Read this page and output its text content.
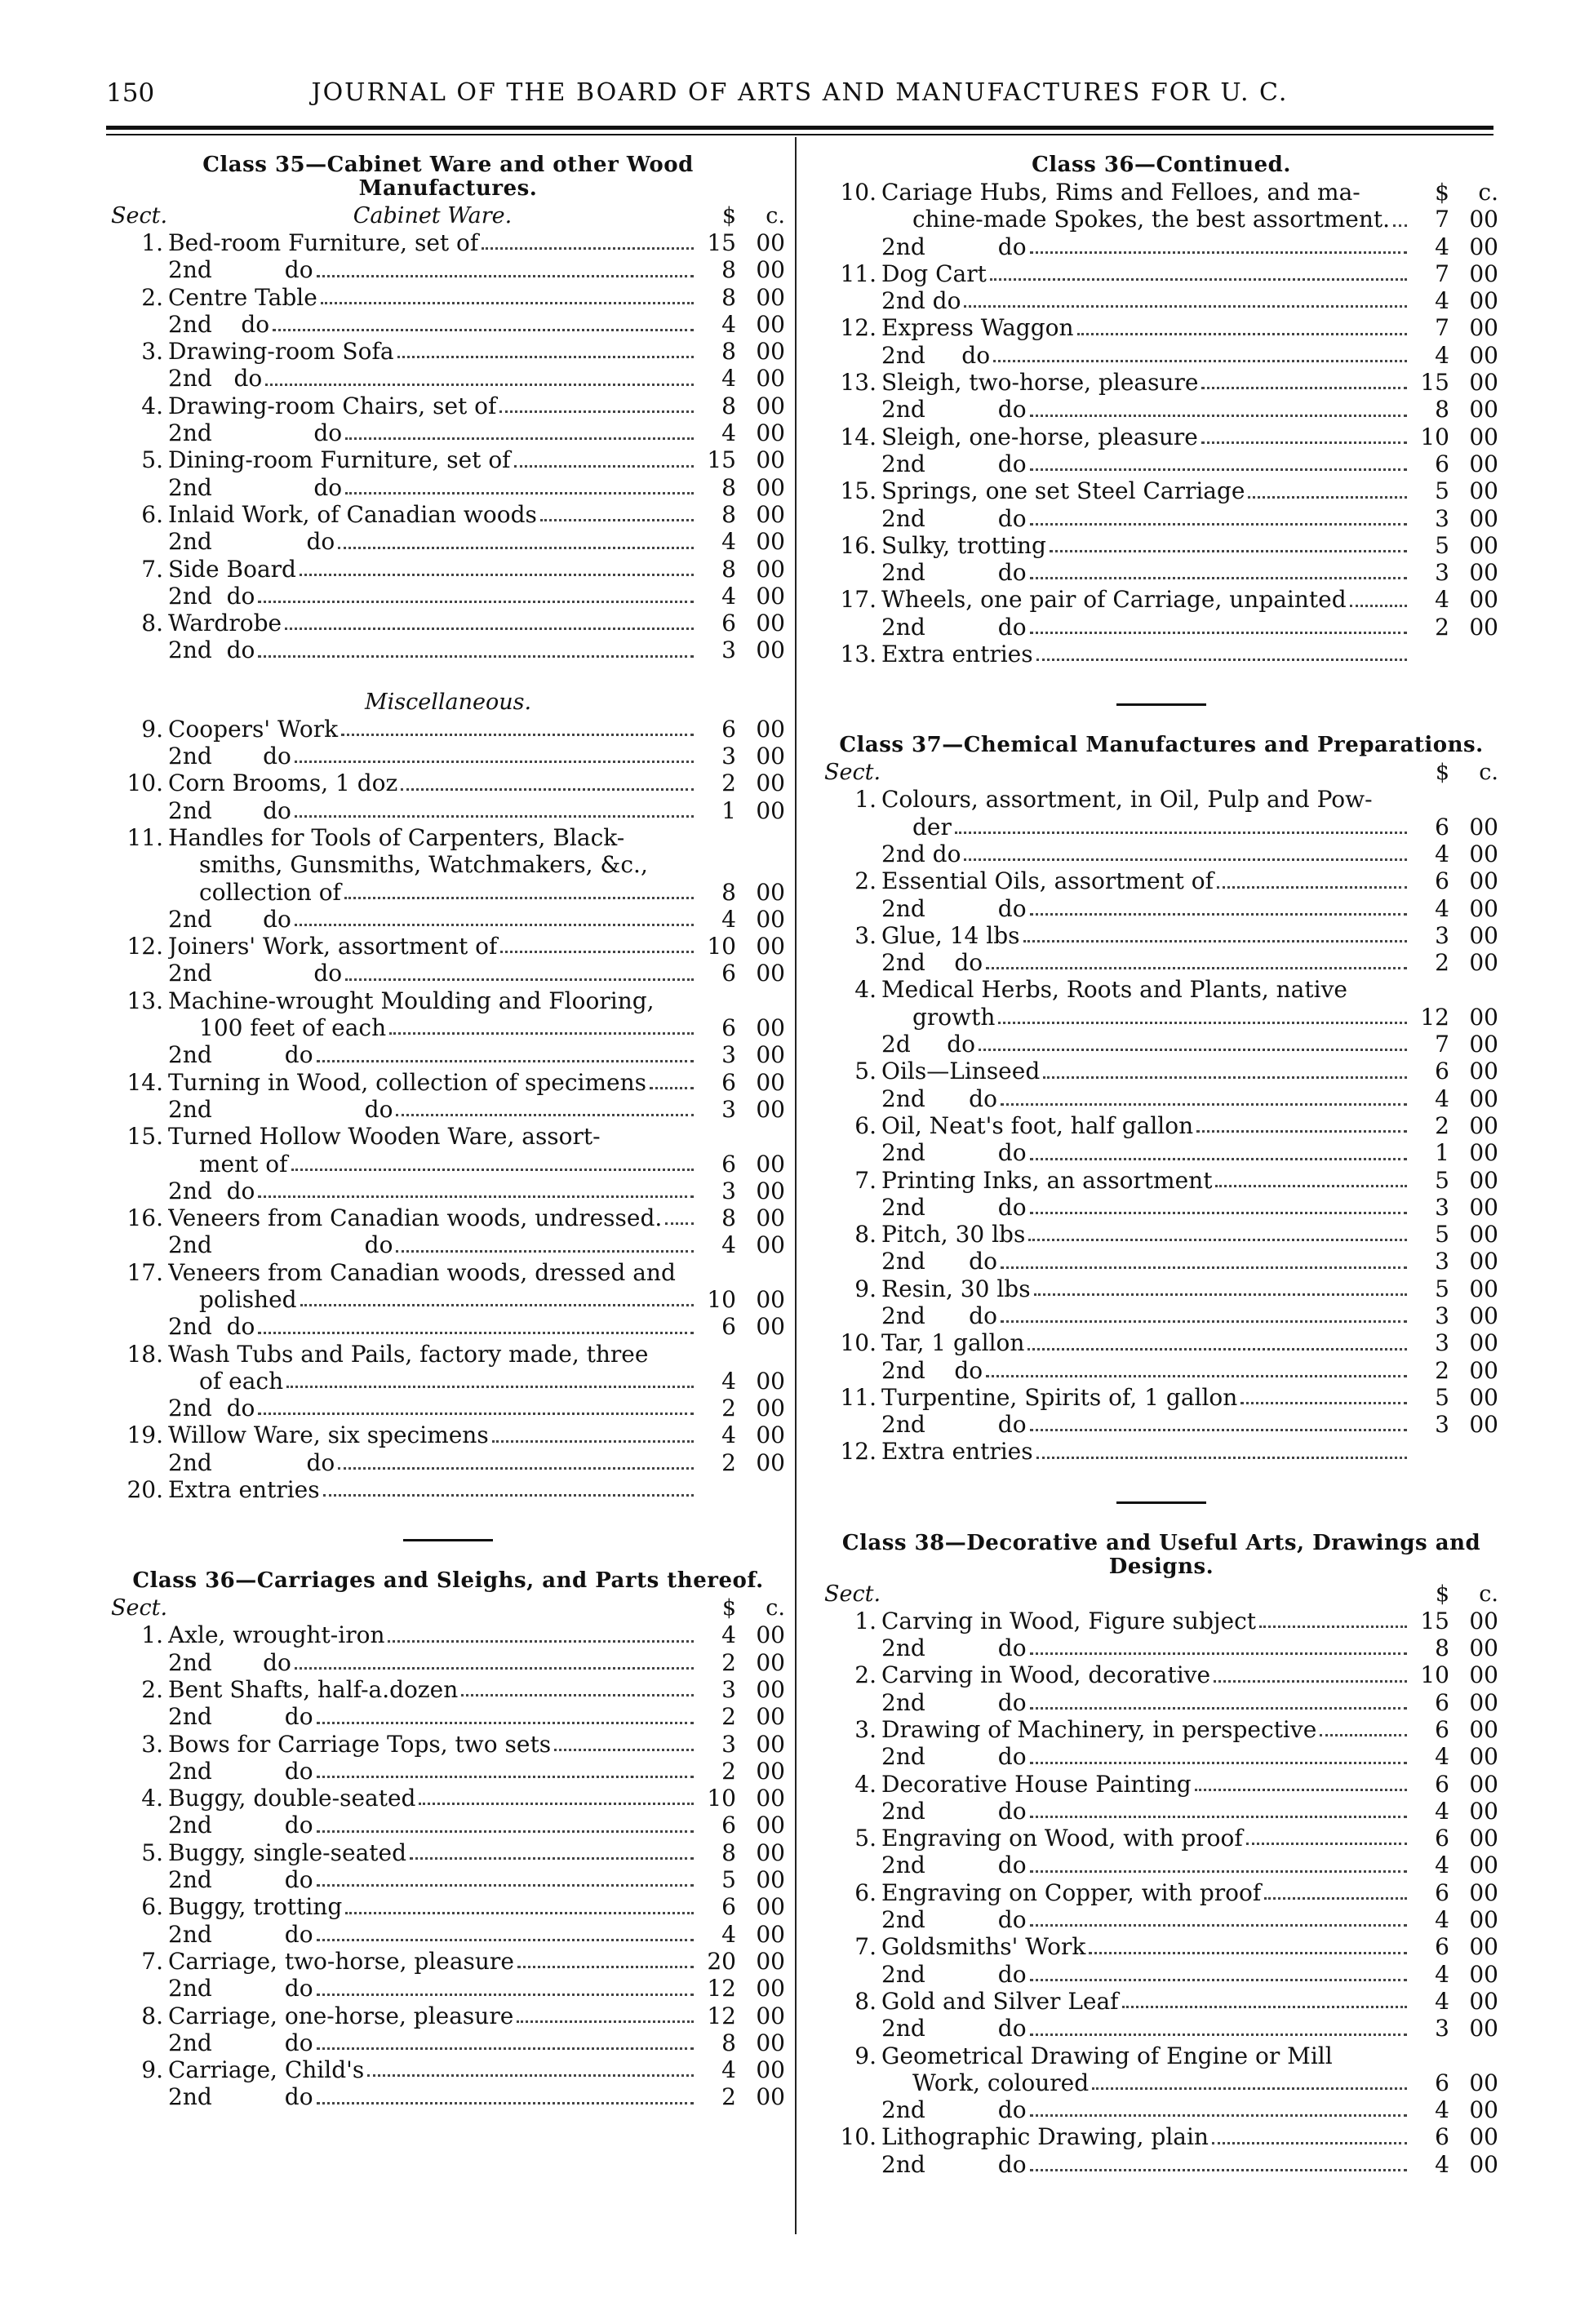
150	JOURNAL OF THE BOARD OF ARTS AND MANUFACTURES FOR U. C.
Class 35—Cabinet Ware and other Wood Manufactures.
Sect.	Cabinet Ware.	$	c.
1. Bed-room Furniture, set of	15 00
2nd          do	8 00
2. Centre Table	8 00
2nd    do	4 00
3. Drawing-room Sofa	8 00
2nd   do	4 00
4. Drawing-room Chairs, set of	8 00
2nd              do	4 00
5. Dining-room Furniture, set of	15 00
2nd              do	8 00
6. Inlaid Work, of Canadian woods	8 00
2nd             do	4 00
7. Side Board	8 00
2nd  do	4 00
8. Wardrobe	6 00
2nd  do	3 00
Miscellaneous.
9. Coopers' Work	6 00
2nd       do	3 00
10. Corn Brooms, 1 doz	2 00
2nd       do	1 00
11. Handles for Tools of Carpenters, Black-
smiths, Gunsmiths, Watchmakers, &c.,
collection of	8 00
2nd       do	4 00
12. Joiners' Work, assortment of	10 00
2nd              do	6 00
13. Machine-wrought Moulding and Flooring,
100 feet of each	6 00
2nd          do	3 00
14. Turning in Wood, collection of specimens	6 00
2nd                     do	3 00
15. Turned Hollow Wooden Ware, assort-
ment of	6 00
2nd  do	3 00
16. Veneers from Canadian woods, undressed.	8 00
2nd                     do	4 00
17. Veneers from Canadian woods, dressed and
polished	10 00
2nd  do	6 00
18. Wash Tubs and Pails, factory made, three
of each	4 00
2nd  do	2 00
19. Willow Ware, six specimens	4 00
2nd             do	2 00
20. Extra entries
Class 36—Carriages and Sleighs, and Parts thereof.
Sect.	$	c.
1. Axle, wrought-iron	4 00
2nd       do	2 00
2. Bent Shafts, half-a.dozen	3 00
2nd          do	2 00
3. Bows for Carriage Tops, two sets	3 00
2nd          do	2 00
4. Buggy, double-seated	10 00
2nd          do	6 00
5. Buggy, single-seated	8 00
2nd          do	5 00
6. Buggy, trotting	6 00
2nd          do	4 00
7. Carriage, two-horse, pleasure	20 00
2nd          do	12 00
8. Carriage, one-horse, pleasure	12 00
2nd          do	8 00
9. Carriage, Child's	4 00
2nd          do	2 00
Class 36—Continued.
10. Cariage Hubs, Rims and Felloes, and ma-	$	c.
chine-made Spokes, the best assortment.	7 00
2nd          do	4 00
11. Dog Cart	7 00
2nd do	4 00
12. Express Waggon	7 00
2nd     do	4 00
13. Sleigh, two-horse, pleasure	15 00
2nd          do	8 00
14. Sleigh, one-horse, pleasure	10 00
2nd          do	6 00
15. Springs, one set Steel Carriage	5 00
2nd          do	3 00
16. Sulky, trotting	5 00
2nd          do	3 00
17. Wheels, one pair of Carriage, unpainted	4 00
2nd          do	2 00
13. Extra entries
Class 37—Chemical Manufactures and Preparations.
Sect.	$	c.
1. Colours, assortment, in Oil, Pulp and Pow-
der	6 00
2nd do	4 00
2. Essential Oils, assortment of	6 00
2nd          do	4 00
3. Glue, 14 lbs	3 00
2nd    do	2 00
4. Medical Herbs, Roots and Plants, native
growth	12 00
2d     do	7 00
5. Oils—Linseed	6 00
2nd      do	4 00
6. Oil, Neat's foot, half gallon	2 00
2nd          do	1 00
7. Printing Inks, an assortment	5 00
2nd          do	3 00
8. Pitch, 30 lbs	5 00
2nd      do	3 00
9. Resin, 30 lbs	5 00
2nd      do	3 00
10. Tar, 1 gallon	3 00
2nd    do	2 00
11. Turpentine, Spirits of, 1 gallon	5 00
2nd          do	3 00
12. Extra entries
Class 38—Decorative and Useful Arts, Drawings and Designs.
Sect.	$	c.
1. Carving in Wood, Figure subject	15 00
2nd          do	8 00
2. Carving in Wood, decorative	10 00
2nd          do	6 00
3. Drawing of Machinery, in perspective	6 00
2nd          do	4 00
4. Decorative House Painting	6 00
2nd          do	4 00
5. Engraving on Wood, with proof	6 00
2nd          do	4 00
6. Engraving on Copper, with proof	6 00
2nd          do	4 00
7. Goldsmiths' Work	6 00
2nd          do	4 00
8. Gold and Silver Leaf	4 00
2nd          do	3 00
9. Geometrical Drawing of Engine or Mill
Work, coloured	6 00
2nd          do	4 00
10. Lithographic Drawing, plain	6 00
2nd          do	4 00
